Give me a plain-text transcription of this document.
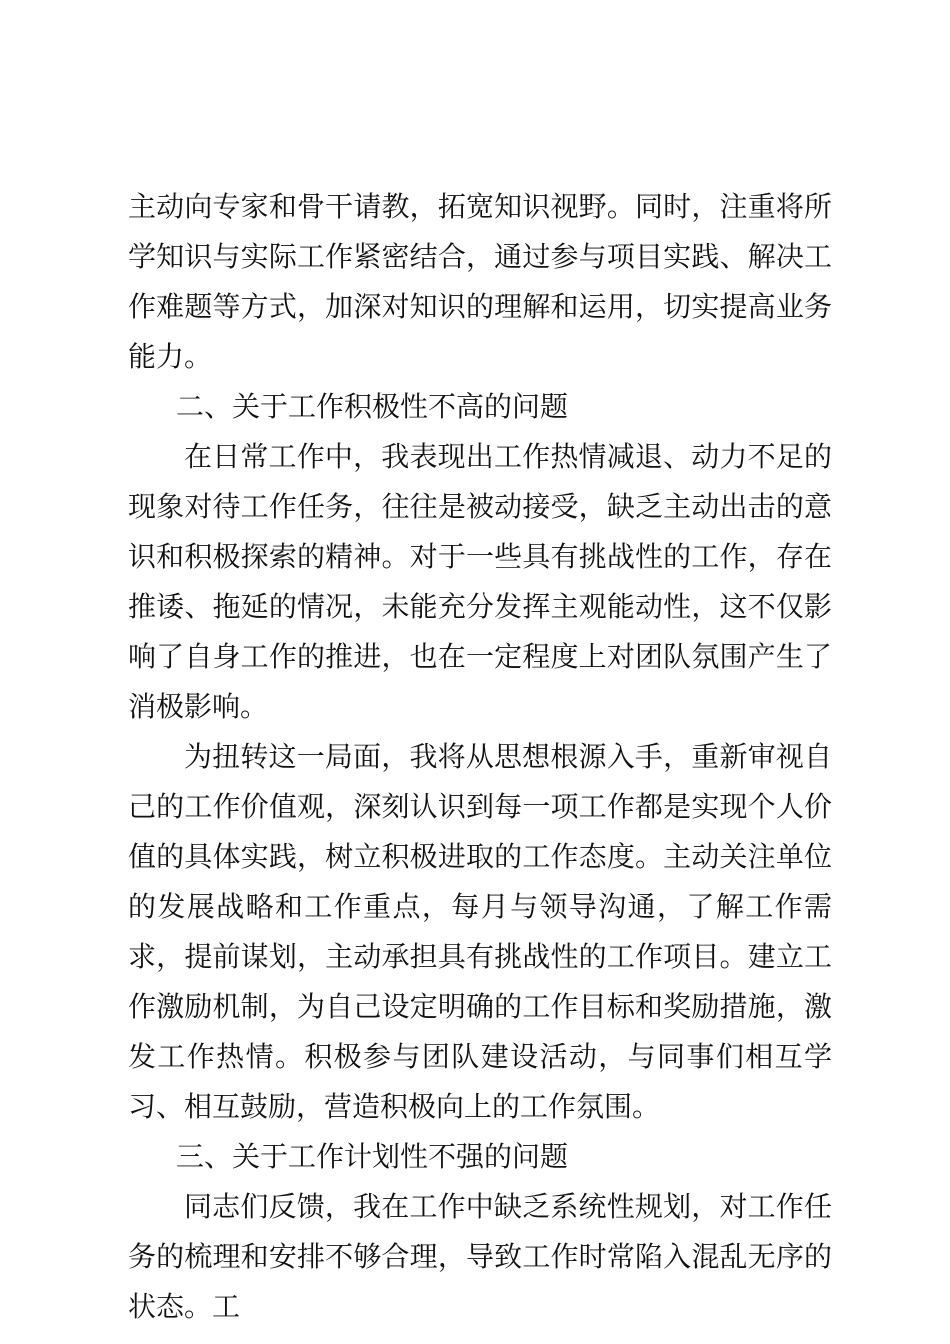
主动向专家和骨干请教，拓宽知识视野。同时，注重将所学知识与实际工作紧密结合，通过参与项目实践、解决工作难题等方式，加深对知识的理解和运用，切实提高业务能力。

二、关于工作积极性不高的问题

在日常工作中，我表现出工作热情减退、动力不足的现象对待工作任务，往往是被动接受，缺乏主动出击的意识和积极探索的精神。对于一些具有挑战性的工作，存在推诿、拖延的情况，未能充分发挥主观能动性，这不仅影响了自身工作的推进，也在一定程度上对团队氛围产生了消极影响。

为扭转这一局面，我将从思想根源入手，重新审视自己的工作价值观，深刻认识到每一项工作都是实现个人价值的具体实践，树立积极进取的工作态度。主动关注单位的发展战略和工作重点，每月与领导沟通，了解工作需求，提前谋划，主动承担具有挑战性的工作项目。建立工作激励机制，为自己设定明确的工作目标和奖励措施，激发工作热情。积极参与团队建设活动，与同事们相互学习、相互鼓励，营造积极向上的工作氛围。

三、关于工作计划性不强的问题

同志们反馈，我在工作中缺乏系统性规划，对工作任务的梳理和安排不够合理，导致工作时常陷入混乱无序的状态。工
